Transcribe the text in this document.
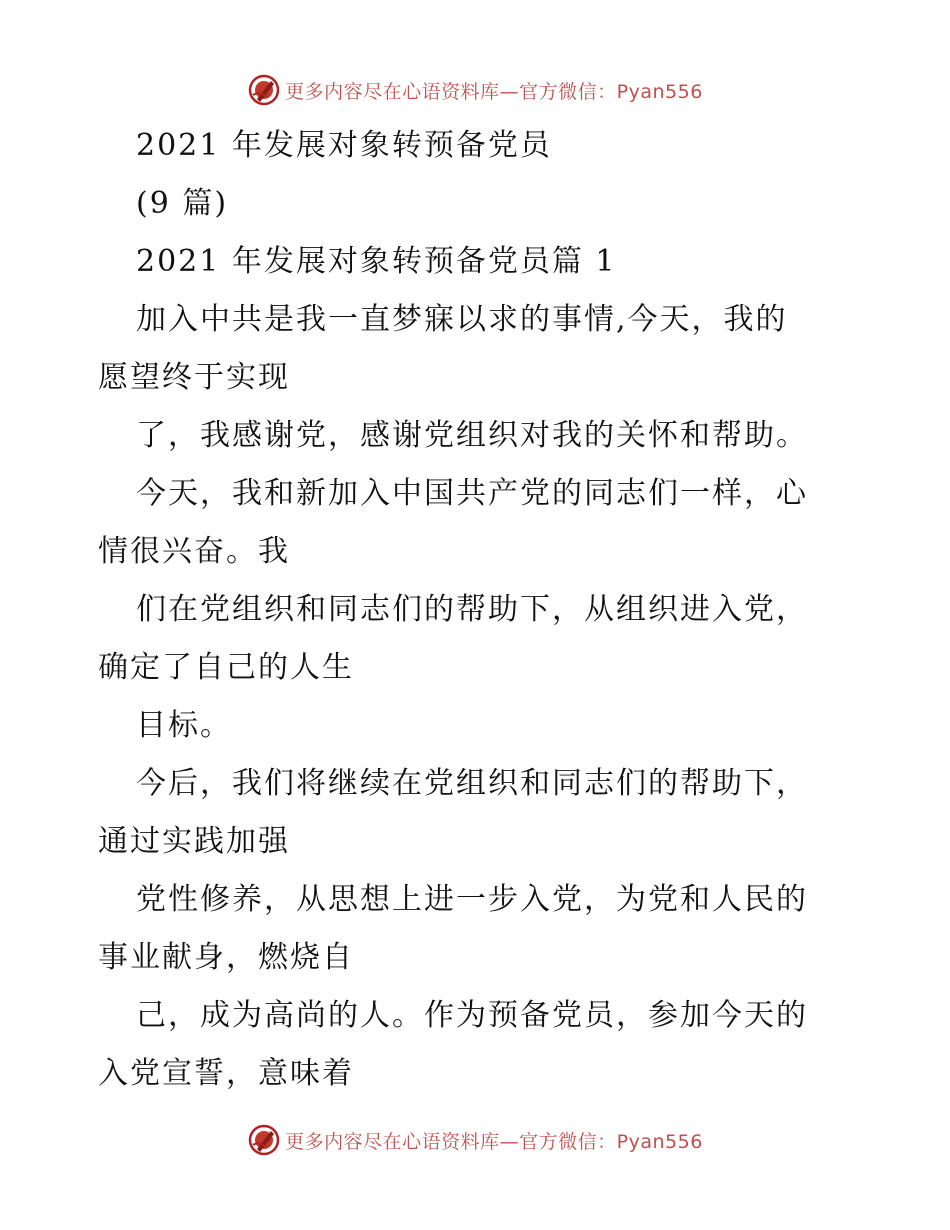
更多内容尽在心语资料库—官方微信：Pyan556
2021 年发展对象转预备党员
(9 篇)
2021 年发展对象转预备党员篇 1
加入中共是我一直梦寐以求的事情,今天，我的
愿望终于实现
了，我感谢党，感谢党组织对我的关怀和帮助。
今天，我和新加入中国共产党的同志们一样，心
情很兴奋。我
们在党组织和同志们的帮助下，从组织进入党，
确定了自己的人生
目标。
今后，我们将继续在党组织和同志们的帮助下，
通过实践加强
党性修养，从思想上进一步入党，为党和人民的
事业献身，燃烧自
己，成为高尚的人。作为预备党员，参加今天的
入党宣誓，意味着
更多内容尽在心语资料库—官方微信：Pyan556
